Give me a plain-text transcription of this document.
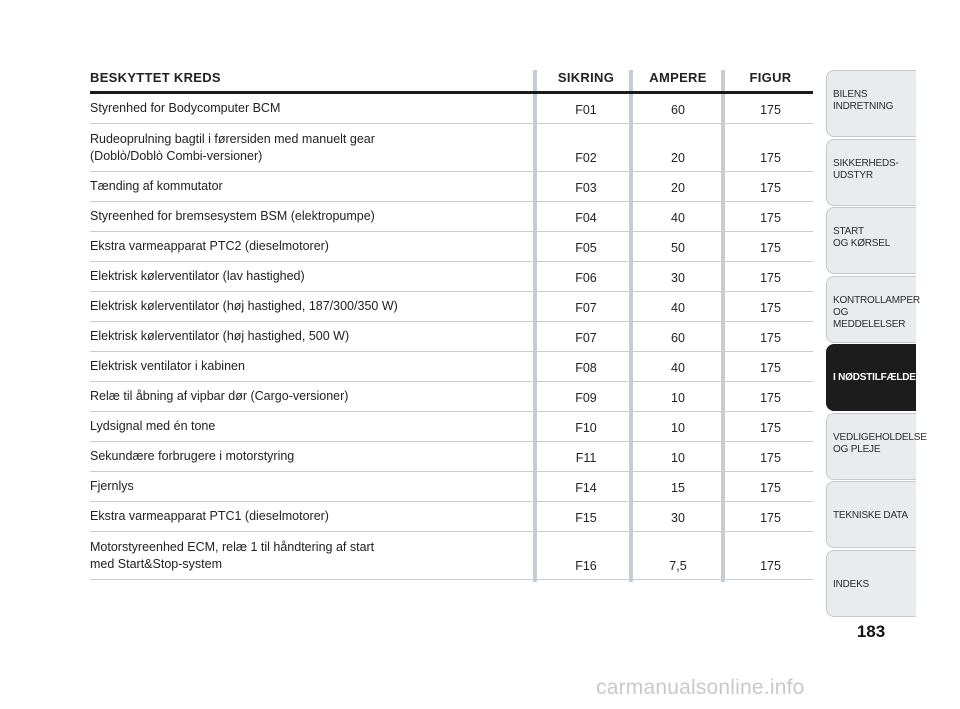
BESKYTTET KREDS	SIKRING	AMPERE	FIGUR
Styrenhed for Bodycomputer BCM	F01	60	175
Rudeoprulning bagtil i førersiden med manuelt gear
(Doblò/Doblò Combi-versioner)	F02	20	175
Tænding af kommutator	F03	20	175
Styreenhed for bremsesystem BSM (elektropumpe)	F04	40	175
Ekstra varmeapparat PTC2 (dieselmotorer)	F05	50	175
Elektrisk kølerventilator (lav hastighed)	F06	30	175
Elektrisk kølerventilator (høj hastighed, 187/300/350 W)	F07	40	175
Elektrisk kølerventilator (høj hastighed, 500 W)	F07	60	175
Elektrisk ventilator i kabinen	F08	40	175
Relæ til åbning af vipbar dør (Cargo-versioner)	F09	10	175
Lydsignal med én tone	F10	10	175
Sekundære forbrugere i motorstyring	F11	10	175
Fjernlys	F14	15	175
Ekstra varmeapparat PTC1 (dieselmotorer)	F15	30	175
Motorstyreenhed ECM, relæ 1 til håndtering af start
med Start&Stop-system	F16	7,5	175
BILENS
INDRETNING
SIKKERHEDS-
UDSTYR
START
OG KØRSEL
KONTROLLAMPER
OG MEDDELELSER
I NØDSTILFÆLDE
VEDLIGEHOLDELSE
OG PLEJE
TEKNISKE DATA
INDEKS
183
carmanualsonline.info
